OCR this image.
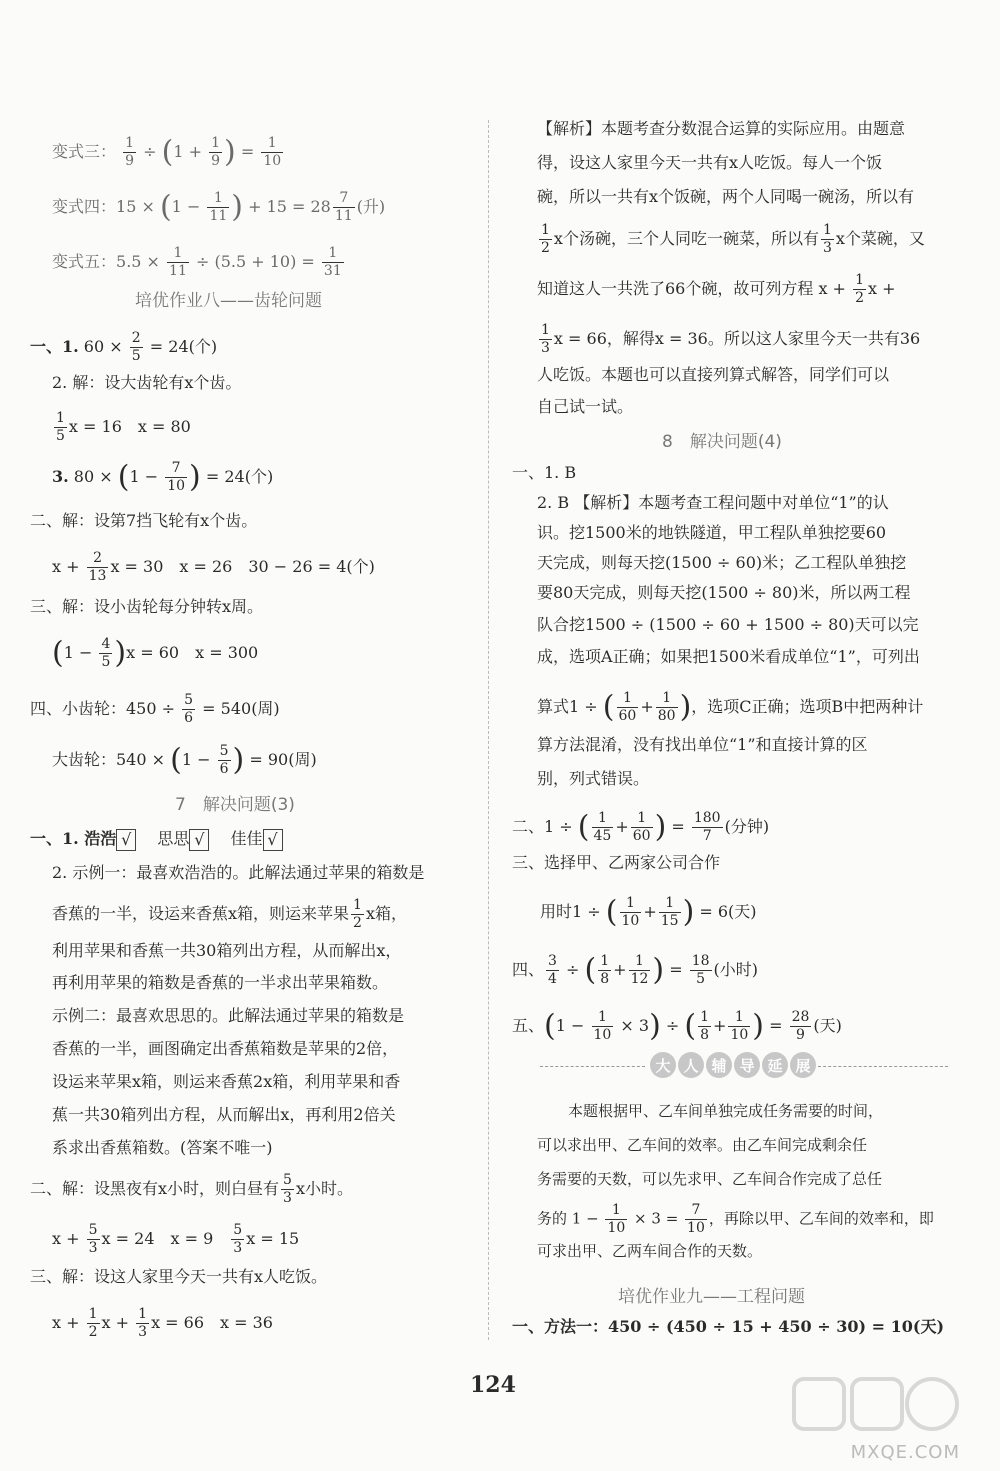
变式三： $\frac{1}{9} \div (1 + \frac{1}{9}$ ) = $\frac{1}{10}$
变式四：$15 \times (1 - \frac{1}{11}$ ) + $15 = 28 \frac{7}{11}$ (升)
变式五：$5.5 \times \frac{1}{11} \div (5.5 + 10) = \frac{1}{31}$
培优作业八——齿轮问题
一、1. $60 \times \frac{2}{5} = 24$(个)
2. 解：设大齿轮有x个齿。
$\frac{1}{5}$ x = 16　x = 80
3. $80 \times (1 - \frac{7}{10}$ ) = 24(个)
二、解：设第7挡飞轮有x个齿。
$x + \frac{2}{13}$ x = 30　x = 26　30 − 26 = 4(个)
三、解：设小齿轮每分钟转x周。
$(1 - \frac{4}{5} )x = 60$　x = 300
四、小齿轮：$450 \div \frac{5}{6} = 540$(周)
大齿轮：$540 \times (1 - \frac{5}{6}$ ) = 90(周)
7　解决问题(3)
一、1. 浩浩 √ 　 思思 √ 　 佳佳 √
2. 示例一：最喜欢浩浩的。此解法通过苹果的箱数是
香蕉的一半，设运来香蕉x箱，则运来苹果 $\frac{1}{2}$ x箱，
利用苹果和香蕉一共30箱列出方程，从而解出x，
再利用苹果的箱数是香蕉的一半求出苹果箱数。
示例二：最喜欢思思的。此解法通过苹果的箱数是
香蕉的一半，画图确定出香蕉箱数是苹果的2倍，
设运来苹果x箱，则运来香蕉2x箱，利用苹果和香
蕉一共30箱列出方程，从而解出x，再利用2倍关
系求出香蕉箱数。(答案不唯一)
二、解：设黑夜有x小时，则白昼有 $\frac{5}{3}$ x小时。
$x + \frac{5}{3}$ x = 24　x = 9　 $\frac{5}{3}$ x = 15
三、解：设这人家里今天一共有x人吃饭。
$x + \frac{1}{2}$ $x + \frac{1}{3}$ x = 66　x = 36
【解析】本题考查分数混合运算的实际应用。由题意
得，设这人家里今天一共有x人吃饭。每人一个饭
碗，所以一共有x个饭碗，两个人同喝一碗汤，所以有
$\frac{1}{2}$ x个汤碗，三个人同吃一碗菜，所以有 $\frac{1}{3}$ x个菜碗，又
知道这人一共洗了66个碗，故可列方程 $x + \frac{1}{2}$ x +
$\frac{1}{3}$ x = 66，解得x = 36。所以这人家里今天一共有36
人吃饭。本题也可以直接列算式解答，同学们可以
自己试一试。
8　解决问题(4)
一、1. B
2. B 【解析】本题考查工程问题中对单位“1”的认
识。挖1500米的地铁隧道，甲工程队单独挖要60
天完成，则每天挖(1500 ÷ 60)米；乙工程队单独挖
要80天完成，则每天挖(1500 ÷ 80)米，所以两工程
队合挖1500 ÷ (1500 ÷ 60 + 1500 ÷ 80)天可以完
成，选项A正确；如果把1500米看成单位“1”，可列出
算式1 ÷ ( $\frac{1}{60} + \frac{1}{80}$ )，选项C正确；选项B中把两种计
算方法混淆，没有找出单位“1”和直接计算的区
别，列式错误。
二、1 ÷ ( $\frac{1}{45} + \frac{1}{60}$ ) = $\frac{180}{7}$ (分钟)
三、选择甲、乙两家公司合作
用时1 ÷ ( $\frac{1}{10} + \frac{1}{15}$ ) = 6(天)
四、 $\frac{3}{4}$ ÷ ( $\frac{1}{8} + \frac{1}{12}$ ) = $\frac{18}{5}$ (小时)
五、$(1 - \frac{1}{10} \times 3)$ ÷ ( $\frac{1}{8} + \frac{1}{10}$ ) = $\frac{28}{9}$ (天)
大 人 辅 导 延 展
本题根据甲、乙车间单独完成任务需要的时间，
可以求出甲、乙车间的效率。由乙车间完成剩余任
务需要的天数，可以先求甲、乙车间合作完成了总任
务的 $1 - \frac{1}{10} \times 3 = \frac{7}{10}$ ，再除以甲、乙车间的效率和，即
可求出甲、乙两车间合作的天数。
培优作业九——工程问题
一、方法一：450 ÷ (450 ÷ 15 + 450 ÷ 30) = 10(天)
124
MXQE.COM
